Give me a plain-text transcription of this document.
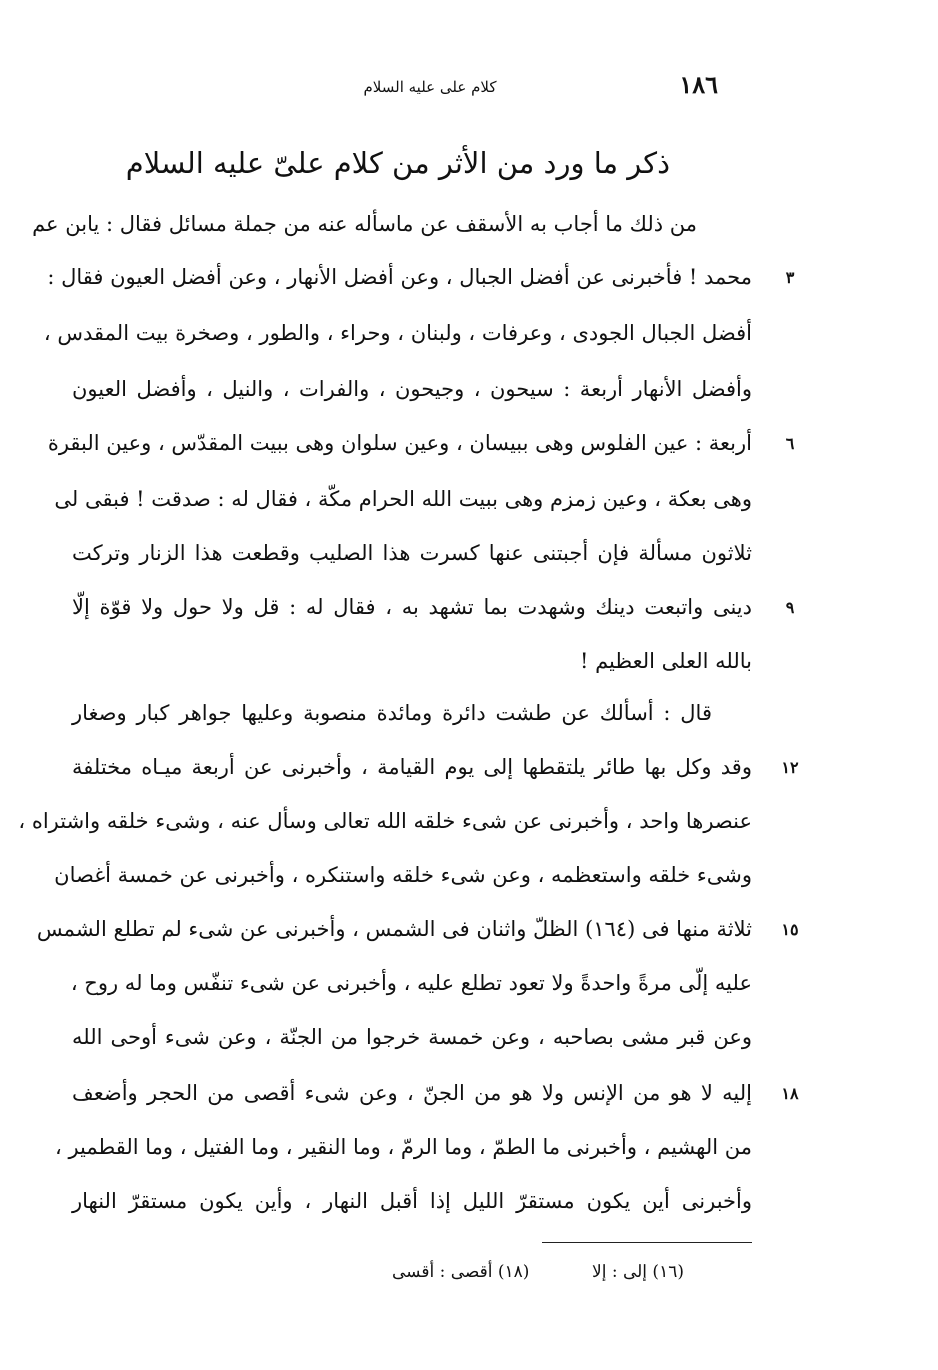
كلام على عليه السلام	١٨٦
ذكر ما ورد من الأثر من كلام علىّ عليه السلام
من ذلك ما أجاب به الأسقف عن ماسأله عنه من جملة مسائل فقال : يابن عم
محمد ! فأخبرنى عن أفضل الجبال ، وعن أفضل الأنهار ، وعن أفضل العيون فقال :
أفضل الجبال الجودى ، وعرفات ، ولبنان ، وحراء ، والطور ، وصخرة بيت المقدس ،
وأفضل الأنهار أربعة : سيحون ، وجيحون ، والفرات ، والنيل ، وأفضل العيون
أربعة : عين الفلوس وهى ببيسان ، وعين سلوان وهى ببيت المقدّس ، وعين البقرة
وهى بعكة ، وعين زمزم وهى ببيت الله الحرام مكّة ، فقال له : صدقت ! فبقى لى
ثلاثون مسألة فإن أجبتنى عنها كسرت هذا الصليب وقطعت هذا الزنار وتركت
دينى واتبعت دينك وشهدت بما تشهد به ، فقال له : قل ولا حول ولا قوّة إلّا
بالله العلى العظيم !
قال : أسألك عن طشت دائرة ومائدة منصوبة وعليها جواهر كبار وصغار
وقد وكل بها طائر يلتقطها إلى يوم القيامة ، وأخبرنى عن أربعة ميـاه مختلفة
عنصرها واحد ، وأخبرنى عن شىء خلقه الله تعالى وسأل عنه ، وشىء خلقه واشتراه ،
وشىء خلقه واستعظمه ، وعن شىء خلقه واستنكره ، وأخبرنى عن خمسة أغصان
ثلاثة منها فى (١٦٤) الظلّ واثنان فى الشمس ، وأخبرنى عن شىء لم تطلع الشمس
عليه إلّى مرةً واحدةً ولا تعود تطلع عليه ، وأخبرنى عن شىء تنفّس وما له روح ،
وعن قبر مشى بصاحبه ، وعن خمسة خرجوا من الجنّة ، وعن شىء أوحى الله
إليه لا هو من الإنس ولا هو من الجنّ ، وعن شىء أقصى من الحجر وأضعف
من الهشيم ، وأخبرنى ما الطمّ ، وما الرمّ ، وما النقير ، وما الفتيل ، وما القطمير ،
وأخبرنى أين يكون مستقرّ الليل إذا أقبل النهار ، وأين يكون مستقرّ النهار
٣
٦
٩
١٢
١٥
١٨
(١٦) إلى : إلا
(١٨) أقصى : أقسى
